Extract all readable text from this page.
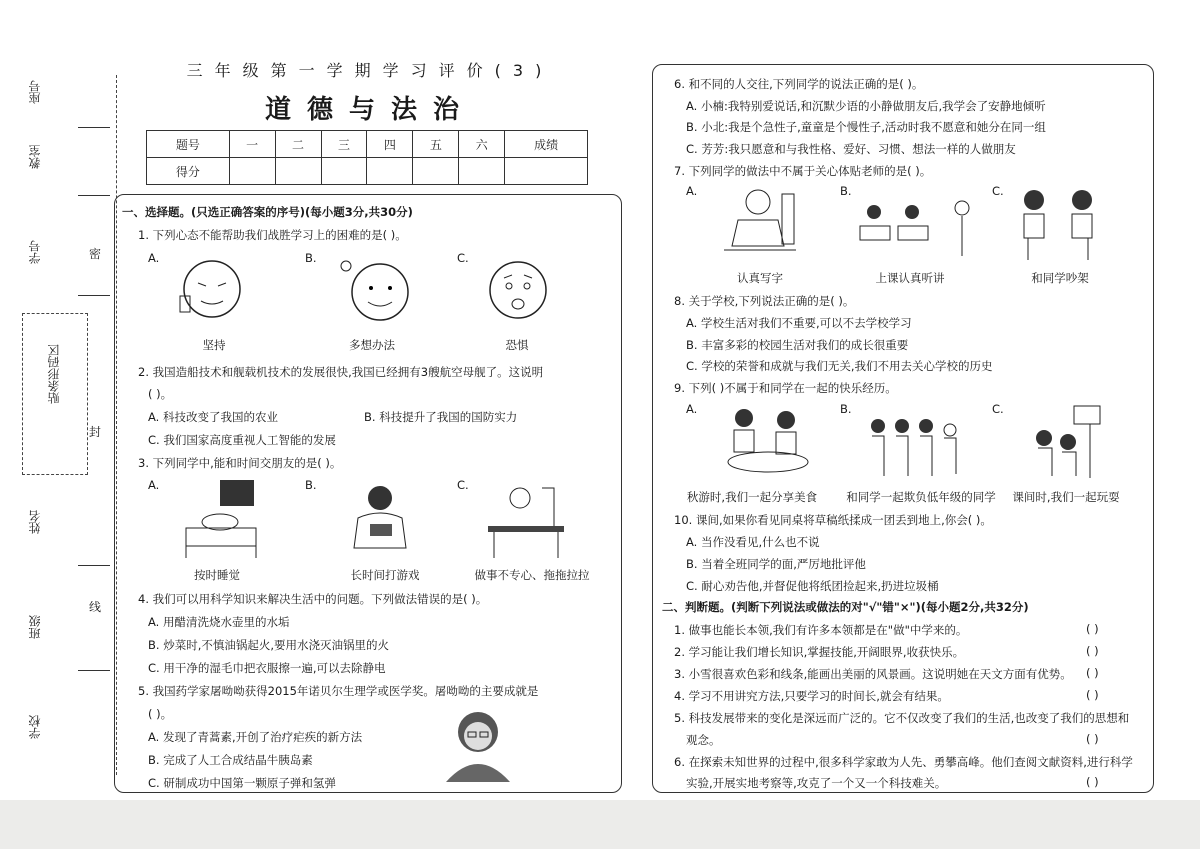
座号
教室
学号
姓名
班级
学校
贴条形码区
密
封
线
三年级第一学期学习评价(3)
道德与法治
题号	一	二	三	四	五	六	成绩
得分							
一、选择题。(只选正确答案的序号)(每小题3分,共30分)
1. 下列心态不能帮助我们战胜学习上的困难的是( )。
A.	B.	C.
坚持	多想办法	恐惧
2. 我国造船技术和舰载机技术的发展很快,我国已经拥有3艘航空母舰了。这说明
( )。
A. 科技改变了我国的农业	B. 科技提升了我国的国防实力
C. 我们国家高度重视人工智能的发展
3. 下列同学中,能和时间交朋友的是( )。
A.	B.	C.
按时睡觉	长时间打游戏	做事不专心、拖拖拉拉
4. 我们可以用科学知识来解决生活中的问题。下列做法错误的是( )。
A. 用醋清洗烧水壶里的水垢
B. 炒菜时,不慎油锅起火,要用水浇灭油锅里的火
C. 用干净的湿毛巾把衣服擦一遍,可以去除静电
5. 我国药学家屠呦呦获得2015年诺贝尔生理学或医学奖。屠呦呦的主要成就是
( )。
A. 发现了青蒿素,开创了治疗疟疾的新方法
B. 完成了人工合成结晶牛胰岛素
C. 研制成功中国第一颗原子弹和氢弹
6. 和不同的人交往,下列同学的说法正确的是( )。
A. 小楠:我特别爱说话,和沉默少语的小静做朋友后,我学会了安静地倾听
B. 小北:我是个急性子,童童是个慢性子,活动时我不愿意和她分在同一组
C. 芳芳:我只愿意和与我性格、爱好、习惯、想法一样的人做朋友
7. 下列同学的做法中不属于关心体贴老师的是( )。
A.	B.	C.
认真写字	上课认真听讲	和同学吵架
8. 关于学校,下列说法正确的是( )。
A. 学校生活对我们不重要,可以不去学校学习
B. 丰富多彩的校园生活对我们的成长很重要
C. 学校的荣誉和成就与我们无关,我们不用去关心学校的历史
9. 下列( )不属于和同学在一起的快乐经历。
A.	B.	C.
秋游时,我们一起分享美食	和同学一起欺负低年级的同学	课间时,我们一起玩耍
10. 课间,如果你看见同桌将草稿纸揉成一团丢到地上,你会( )。
A. 当作没看见,什么也不说
B. 当着全班同学的面,严厉地批评他
C. 耐心劝告他,并督促他将纸团捡起来,扔进垃圾桶
二、判断题。(判断下列说法或做法的对"√"错"×")(每小题2分,共32分)
1. 做事也能长本领,我们有许多本领都是在"做"中学来的。	( )
2. 学习能让我们增长知识,掌握技能,开阔眼界,收获快乐。	( )
3. 小雪很喜欢色彩和线条,能画出美丽的风景画。这说明她在天文方面有优势。 ( )
4. 学习不用讲究方法,只要学习的时间长,就会有结果。	( )
5. 科技发展带来的变化是深远而广泛的。它不仅改变了我们的生活,也改变了我们的思想和
观念。	( )
6. 在探索未知世界的过程中,很多科学家敢为人先、勇攀高峰。他们查阅文献资料,进行科学
实验,开展实地考察等,攻克了一个又一个科技难关。	( )
